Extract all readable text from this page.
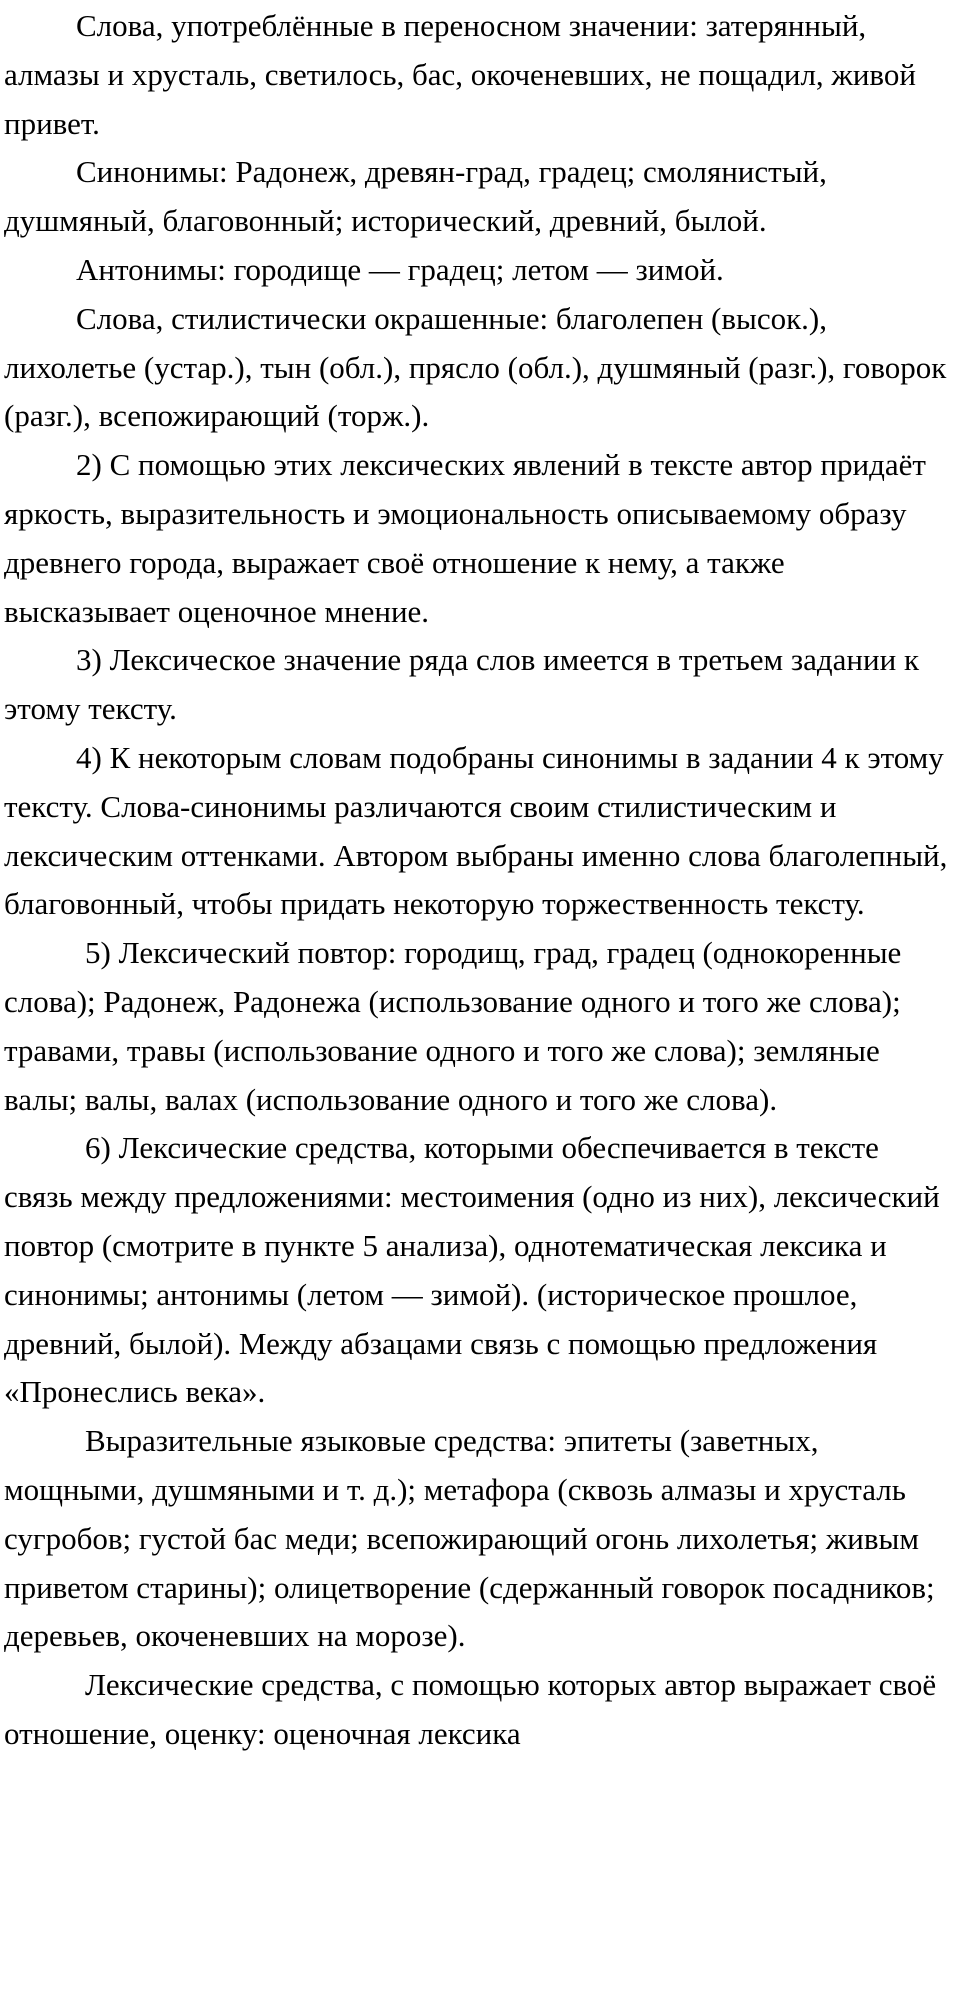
Слова, употреблённые в переносном значении: затерянный, алмазы и хрусталь, светилось, бас, окоченевших, не пощадил, живой привет.

Синонимы: Радонеж, древян-град, градец; смолянистый, душмяный, благовонный; исторический, древний, былой.

Антонимы: городище — градец; летом — зимой.

Слова, стилистически окрашенные: благолепен (высок.), лихолетье (устар.), тын (обл.), прясло (обл.), душмяный (разг.), говорок (разг.), всепожирающий (торж.).

2) С помощью этих лексических явлений в тексте автор придаёт яркость, выразительность и эмоциональность описываемому образу древнего города, выражает своё отношение к нему, а также высказывает оценочное мнение.

3) Лексическое значение ряда слов имеется в третьем задании к этому тексту.

4) К некоторым словам подобраны синонимы в задании 4 к этому тексту. Слова-синонимы различаются своим стилистическим и лексическим оттенками. Автором выбраны именно слова благолепный, благовонный, чтобы придать некоторую торжественность тексту.

5) Лексический повтор: городищ, град, градец (однокоренные слова); Радонеж, Радонежа (использование одного и того же слова); травами, травы (использование одного и того же слова); земляные валы; валы, валах (использование одного и того же слова).

6) Лексические средства, которыми обеспечивается в тексте связь между предложениями: местоимения (одно из них), лексический повтор (смотрите в пункте 5 анализа), однотематическая лексика и синонимы; антонимы (летом — зимой). (историческое прошлое, древний, былой). Между абзацами связь с помощью предложения «Пронеслись века».

Выразительные языковые средства: эпитеты (заветных, мощными, душмяными и т. д.); метафора (сквозь алмазы и хрусталь сугробов; густой бас меди; всепожирающий огонь лихолетья; живым приветом старины); олицетворение (сдержанный говорок посадников; деревьев, окоченевших на морозе).

Лексические средства, с помощью которых автор выражает своё отношение, оценку: оценочная лексика
